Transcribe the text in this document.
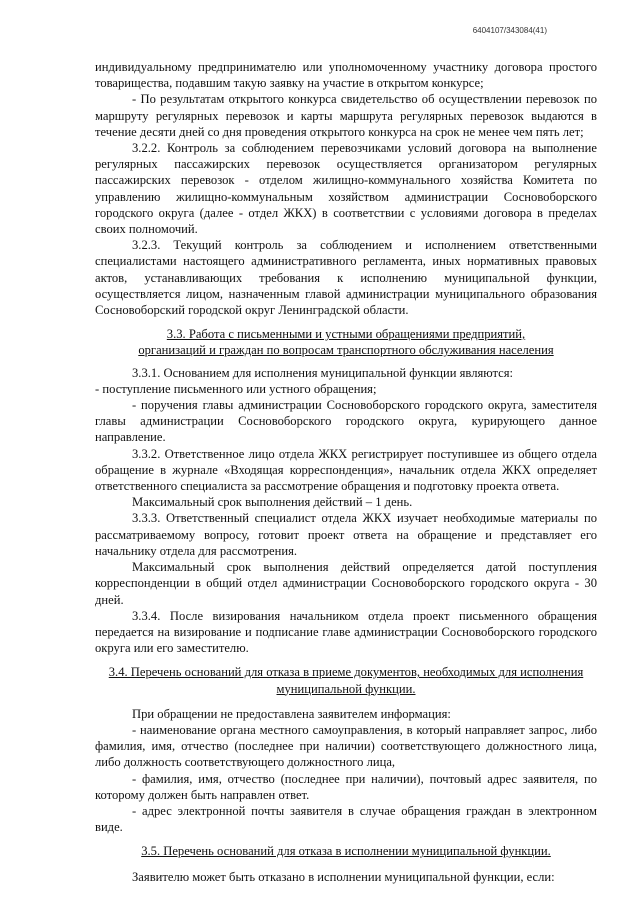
6404107/343084(41)

индивидуальному предпринимателю или уполномоченному участнику договора простого товарищества, подавшим такую заявку на участие в открытом конкурсе;

- По результатам открытого конкурса свидетельство об осуществлении перевозок по маршруту регулярных перевозок и карты маршрута регулярных перевозок выдаются в течение десяти дней со дня проведения открытого конкурса на срок не менее чем пять лет;

3.2.2. Контроль за соблюдением перевозчиками условий договора на выполнение регулярных пассажирских перевозок осуществляется организатором регулярных пассажирских перевозок - отделом жилищно-коммунального хозяйства Комитета по управлению жилищно-коммунальным хозяйством администрации Сосновоборского городского округа (далее - отдел ЖКХ) в соответствии с условиями договора в пределах своих полномочий.

3.2.3. Текущий контроль за соблюдением и исполнением ответственными специалистами настоящего административного регламента, иных нормативных правовых актов, устанавливающих требования к исполнению муниципальной функции, осуществляется лицом, назначенным главой администрации муниципального образования Сосновоборский городской округ Ленинградской области.

3.3. Работа с письменными и устными обращениями предприятий,
организаций и граждан по вопросам транспортного обслуживания населения

3.3.1. Основанием для исполнения муниципальной функции являются:

- поступление письменного или устного обращения;

- поручения главы администрации Сосновоборского городского округа, заместителя главы администрации Сосновоборского городского округа, курирующего данное направление.

3.3.2. Ответственное лицо отдела ЖКХ регистрирует поступившее из общего отдела обращение в журнале «Входящая корреспонденция», начальник отдела ЖКХ определяет ответственного специалиста за рассмотрение обращения и подготовку проекта ответа.

Максимальный срок выполнения действий – 1 день.

3.3.3. Ответственный специалист отдела ЖКХ изучает необходимые материалы по рассматриваемому вопросу, готовит проект ответа на обращение и представляет его начальнику отдела для рассмотрения.

Максимальный срок выполнения действий определяется датой поступления корреспонденции в общий отдел администрации Сосновоборского городского округа - 30 дней.

3.3.4. После визирования начальником отдела проект письменного обращения передается на визирование и подписание главе администрации Сосновоборского городского округа или его заместителю.

3.4. Перечень оснований для отказа в приеме документов, необходимых для исполнения
муниципальной функции.

При обращении не предоставлена заявителем информация:

- наименование органа местного самоуправления, в который направляет запрос, либо фамилия, имя, отчество (последнее при наличии) соответствующего должностного лица, либо должность соответствующего должностного лица,

- фамилия, имя, отчество (последнее при наличии), почтовый адрес заявителя, по которому должен быть направлен ответ.

- адрес электронной почты заявителя в случае обращения граждан в электронном виде.

3.5. Перечень оснований для отказа в исполнении муниципальной функции.

Заявителю может быть отказано в исполнении муниципальной функции, если:
